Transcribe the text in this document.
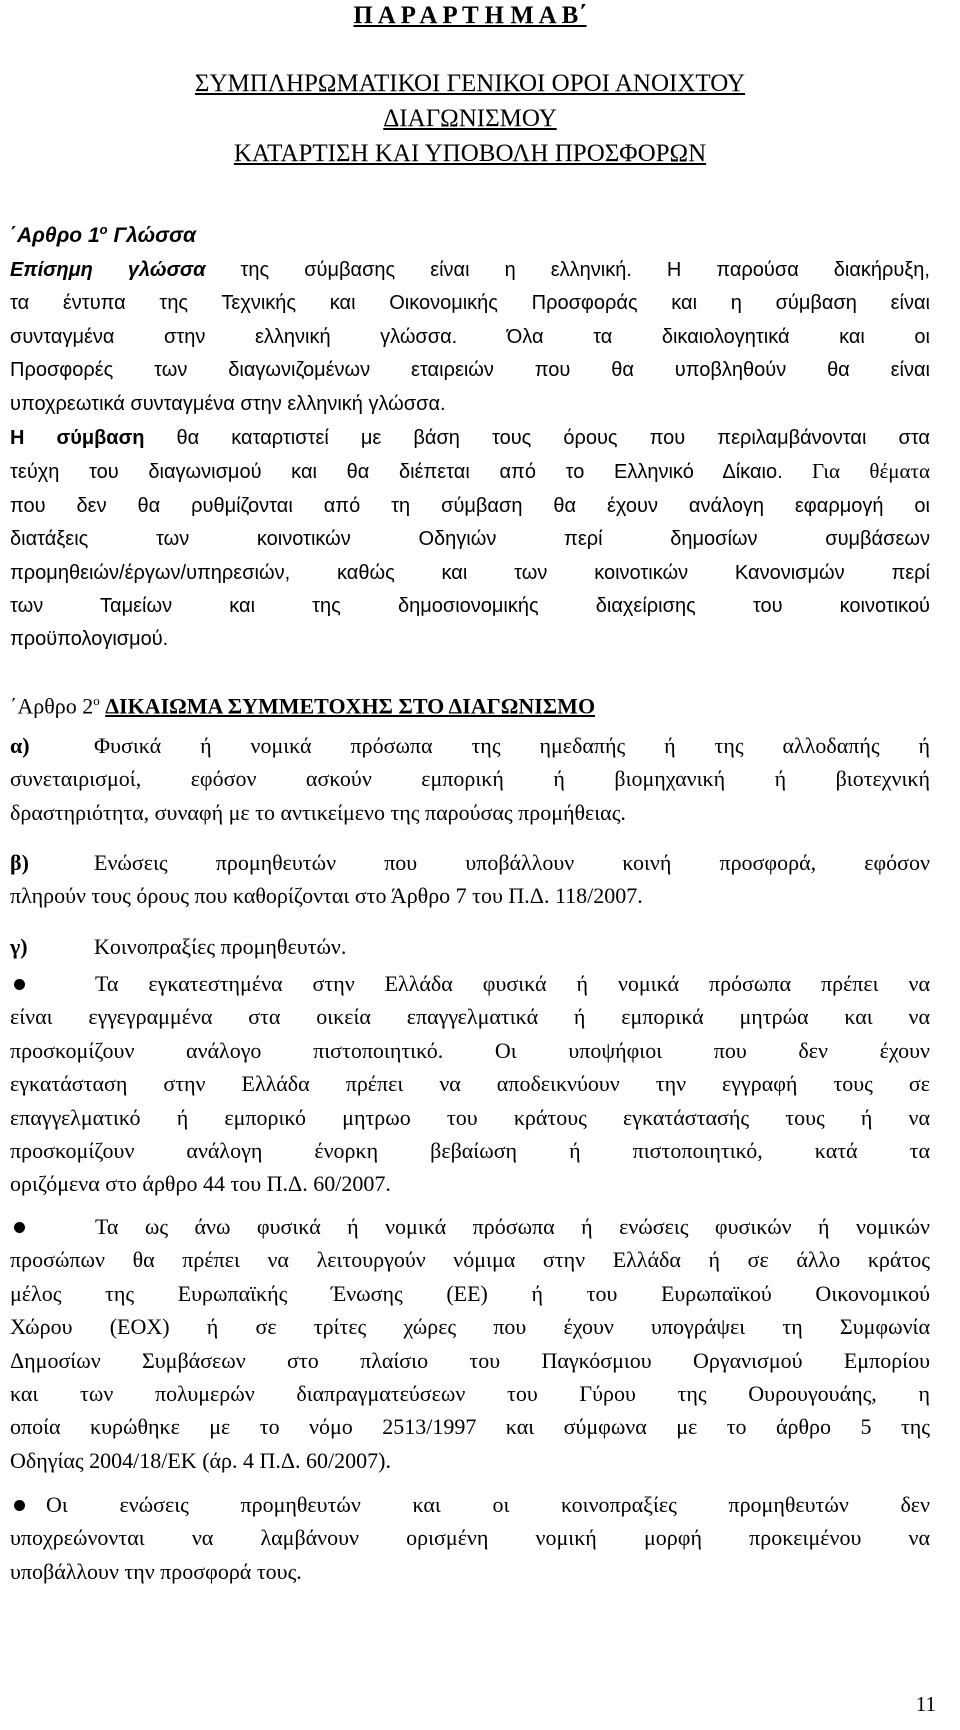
Π Α Ρ Α Ρ Τ Η Μ Α Β΄
ΣΥΜΠΛΗΡΩΜΑΤΙΚΟΙ ΓΕΝΙΚΟΙ ΟΡΟΙ ΑΝΟΙΧΤΟΥ
ΔΙΑΓΩΝΙΣΜΟΥ
ΚΑΤΑΡΤΙΣΗ ΚΑΙ ΥΠΟΒΟΛΗ ΠΡΟΣΦΟΡΩΝ
΄Αρθρο $1^o$ Γλώσσα
Επίσημη γλώσσα της σύμβασης είναι η ελληνική. Η παρούσα διακήρυξη,
τα έντυπα της Τεχνικής και Οικονομικής Προσφοράς και η σύμβαση είναι
συνταγμένα στην ελληνική γλώσσα. Όλα τα δικαιολογητικά και οι
Προσφορές των διαγωνιζομένων εταιρειών που θα υποβληθούν θα είναι
υποχρεωτικά συνταγμένα στην ελληνική γλώσσα.
Η σύμβαση θα καταρτιστεί με βάση τους όρους που περιλαμβάνονται στα
τεύχη του διαγωνισμού και θα διέπεται από το Ελληνικό Δίκαιο. Για θέματα
που δεν θα ρυθμίζονται από τη σύμβαση θα έχουν ανάλογη εφαρμογή οι
διατάξεις των κοινοτικών Οδηγιών περί δημοσίων συμβάσεων
προμηθειών/έργων/υπηρεσιών, καθώς και των κοινοτικών Κανονισμών περί
των Ταμείων και της δημοσιονομικής διαχείρισης του κοινοτικού
προϋπολογισμού.
΄Αρθρο $2^o$ ΔΙΚΑΙΩΜΑ ΣΥΜΜΕΤΟΧΗΣ ΣΤΟ ΔΙΑΓΩΝΙΣΜΟ
α)	Φυσικά ή νομικά πρόσωπα της ημεδαπής ή της αλλοδαπής ή
συνεταιρισμοί, εφόσον ασκούν εμπορική ή βιομηχανική ή βιοτεχνική
δραστηριότητα, συναφή με το αντικείμενο της παρούσας προμήθειας.
β)	Ενώσεις προμηθευτών που υποβάλλουν κοινή προσφορά, εφόσον
πληρούν τους όρους που καθορίζονται στο Άρθρο 7 του Π.Δ. 118/2007.
γ)	Κοινοπραξίες προμηθευτών.
Τα εγκατεστημένα στην Ελλάδα φυσικά ή νομικά πρόσωπα πρέπει να
είναι εγγεγραμμένα στα οικεία επαγγελματικά ή εμπορικά μητρώα και να
προσκομίζουν ανάλογο πιστοποιητικό. Οι υποψήφιοι που δεν έχουν
εγκατάσταση στην Ελλάδα πρέπει να αποδεικνύουν την εγγραφή τους σε
επαγγελματικό ή εμπορικό μητρωο του κράτους εγκατάστασής τους ή να
προσκομίζουν ανάλογη ένορκη βεβαίωση ή πιστοποιητικό, κατά τα
οριζόμενα στο άρθρο 44 του Π.Δ. 60/2007.
Τα ως άνω φυσικά ή νομικά πρόσωπα ή ενώσεις φυσικών ή νομικών
προσώπων θα πρέπει να λειτουργούν νόμιμα στην Ελλάδα ή σε άλλο κράτος
μέλος της Ευρωπαϊκής Ένωσης (ΕΕ) ή του Ευρωπαϊκού Οικονομικού
Χώρου (ΕΟΧ) ή σε τρίτες χώρες που έχουν υπογράψει τη Συμφωνία
Δημοσίων Συμβάσεων στο πλαίσιο του Παγκόσμιου Οργανισμού Εμπορίου
και των πολυμερών διαπραγματεύσεων του Γύρου της Ουρουγουάης, η
οποία κυρώθηκε με το νόμο 2513/1997 και σύμφωνα με το άρθρο 5 της
Οδηγίας 2004/18/ΕΚ (άρ. 4 Π.Δ. 60/2007).
Οι ενώσεις προμηθευτών και οι κοινοπραξίες προμηθευτών δεν
υποχρεώνονται να λαμβάνουν ορισμένη νομική μορφή προκειμένου να
υποβάλλουν την προσφορά τους.
11
